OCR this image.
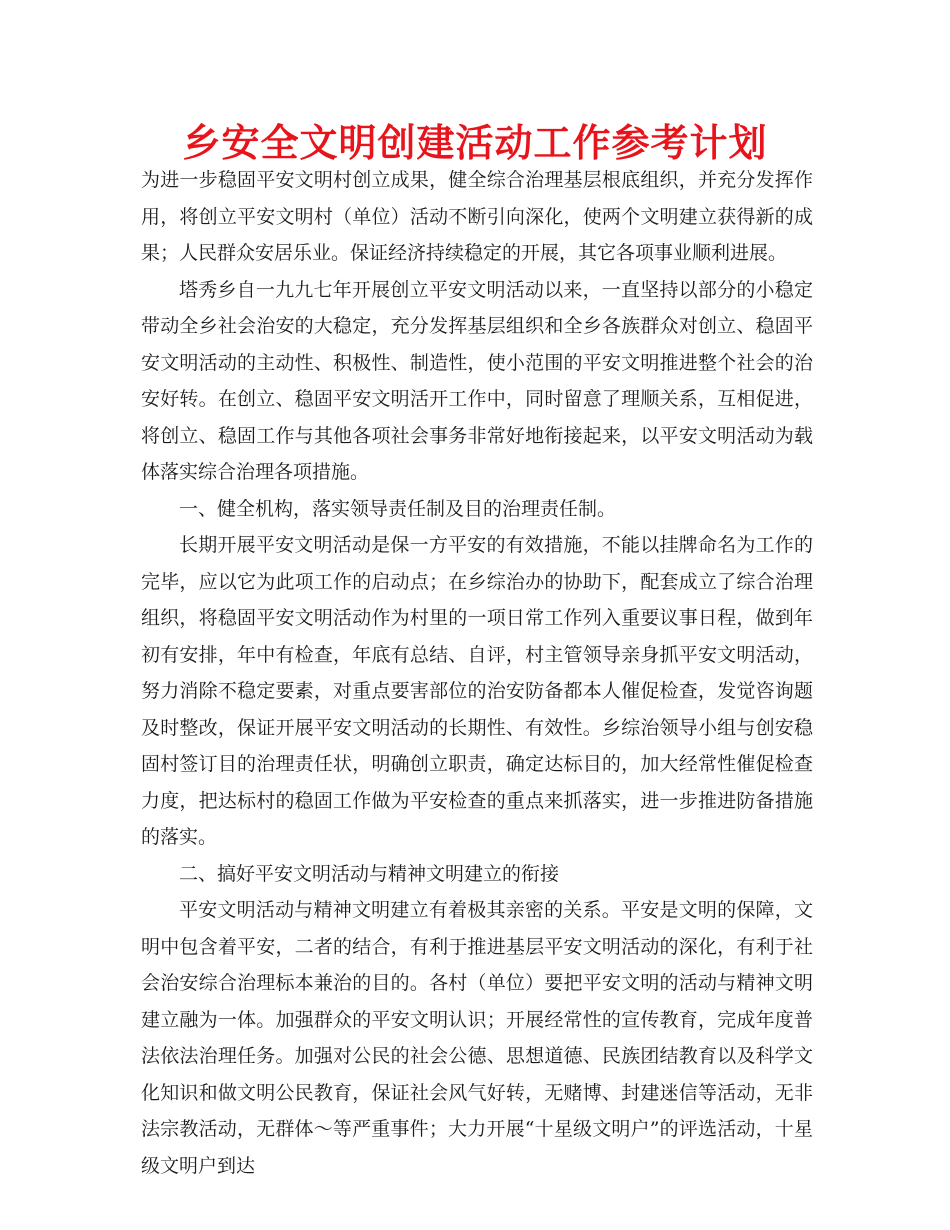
乡安全文明创建活动工作参考计划

为进一步稳固平安文明村创立成果，健全综合治理基层根底组织，并充分发挥作用，将创立平安文明村（单位）活动不断引向深化，使两个文明建立获得新的成果；人民群众安居乐业。保证经济持续稳定的开展，其它各项事业顺利进展。

塔秀乡自一九九七年开展创立平安文明活动以来，一直坚持以部分的小稳定带动全乡社会治安的大稳定，充分发挥基层组织和全乡各族群众对创立、稳固平安文明活动的主动性、积极性、制造性，使小范围的平安文明推进整个社会的治安好转。在创立、稳固平安文明活开工作中，同时留意了理顺关系，互相促进，将创立、稳固工作与其他各项社会事务非常好地衔接起来，以平安文明活动为载体落实综合治理各项措施。

一、健全机构，落实领导责任制及目的治理责任制。

长期开展平安文明活动是保一方平安的有效措施，不能以挂牌命名为工作的完毕，应以它为此项工作的启动点；在乡综治办的协助下，配套成立了综合治理组织，将稳固平安文明活动作为村里的一项日常工作列入重要议事日程，做到年初有安排，年中有检查，年底有总结、自评，村主管领导亲身抓平安文明活动，努力消除不稳定要素，对重点要害部位的治安防备都本人催促检查，发觉咨询题及时整改，保证开展平安文明活动的长期性、有效性。乡综治领导小组与创安稳固村签订目的治理责任状，明确创立职责，确定达标目的，加大经常性催促检查力度，把达标村的稳固工作做为平安检查的重点来抓落实，进一步推进防备措施的落实。

二、搞好平安文明活动与精神文明建立的衔接

平安文明活动与精神文明建立有着极其亲密的关系。平安是文明的保障，文明中包含着平安，二者的结合，有利于推进基层平安文明活动的深化，有利于社会治安综合治理标本兼治的目的。各村（单位）要把平安文明的活动与精神文明建立融为一体。加强群众的平安文明认识；开展经常性的宣传教育，完成年度普法依法治理任务。加强对公民的社会公德、思想道德、民族团结教育以及科学文化知识和做文明公民教育，保证社会风气好转，无赌博、封建迷信等活动，无非法宗教活动，无群体～等严重事件；大力开展“十星级文明户”的评选活动，十星级文明户到达
